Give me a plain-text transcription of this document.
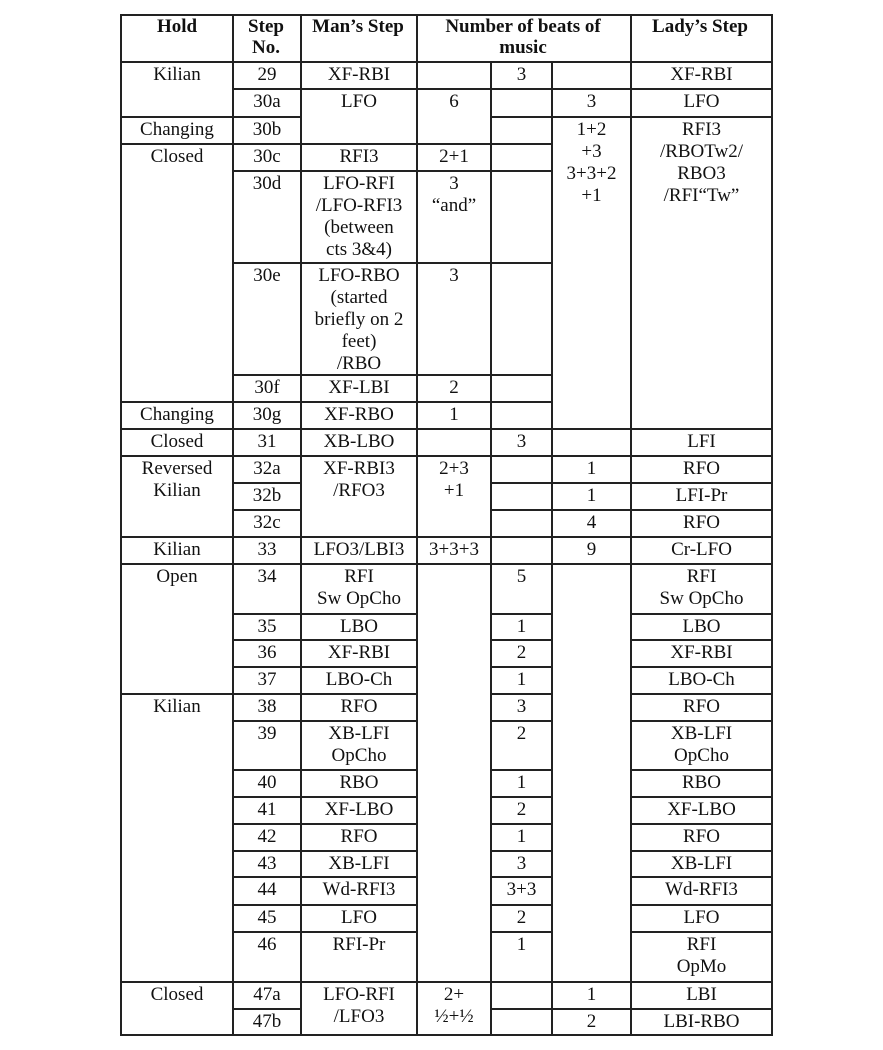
Hold	Step
No.
Man’s Step	Number of beats of
music
Lady’s Step
Kilian
Changing
Closed
Changing
Closed
Reversed
Kilian
Kilian
Open
Kilian
Closed
29
30a
30b
30c
30d
30e
30f
30g
31
32a
32b
32c
33
34
35
36
37
38
39
40
41
42
43
44
45
46
47a
47b
XF-RBI
LFO
RFI3
LFO-RFI
/LFO-RFI3
(between
cts 3&4)
LFO-RBO
(started
briefly on 2
feet)
/RBO
XF-LBI
XF-RBO
XB-LBO
XF-RBI3
/RFO3
LFO3/LBI3
RFI
Sw OpCho
LBO
XF-RBI
LBO-Ch
RFO
XB-LFI
OpCho
RBO
XF-LBO
RFO
XB-LFI
Wd-RFI3
LFO
RFI-Pr
LFO-RFI
/LFO3
6
2+1
3
“and”
3
2
1
2+3
+1
3+3+3
2+
½+½
3
3
5
1
2
1
3
2
1
2
1
3
3+3
2
1
3
1+2
+3
3+3+2
+1
1
1
4
9
1
2
XF-RBI
LFO
RFI3
/RBOTw2/
RBO3
/RFI“Tw”
LFI
RFO
LFI-Pr
RFO
Cr-LFO
RFI
Sw OpCho
LBO
XF-RBI
LBO-Ch
RFO
XB-LFI
OpCho
RBO
XF-LBO
RFO
XB-LFI
Wd-RFI3
LFO
RFI
OpMo
LBI
LBI-RBO
